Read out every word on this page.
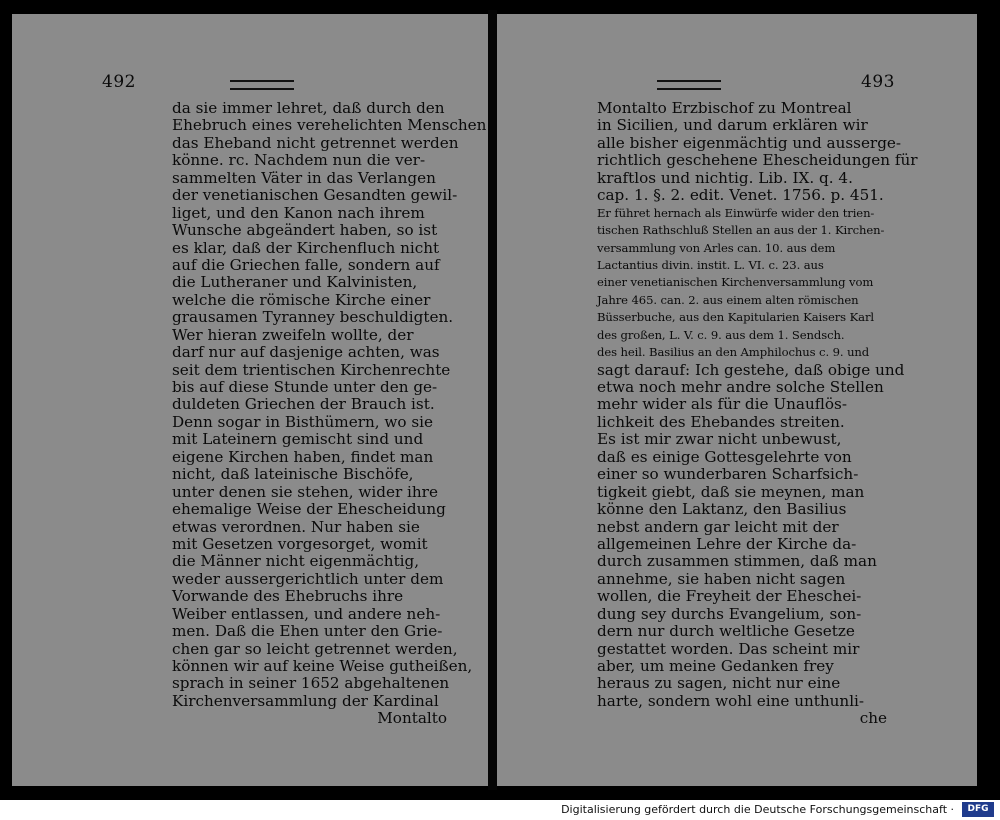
492
da sie immer lehret, daß durch den
Ehebruch eines verehelichten Menschen
das Eheband nicht getrennet werden
könne. rc. Nachdem nun die ver-
sammelten Väter in das Verlangen
der venetianischen Gesandten gewil-
liget, und den Kanon nach ihrem
Wunsche abgeändert haben, so ist
es klar, daß der Kirchenfluch nicht
auf die Griechen falle, sondern auf
die Lutheraner und Kalvinisten,
welche die römische Kirche einer
grausamen Tyranney beschuldigten.
Wer hieran zweifeln wollte, der
darf nur auf dasjenige achten, was
seit dem trientischen Kirchenrechte
bis auf diese Stunde unter den ge-
duldeten Griechen der Brauch ist.
Denn sogar in Bisthümern, wo sie
mit Lateinern gemischt sind und
eigene Kirchen haben, findet man
nicht, daß lateinische Bischöfe,
unter denen sie stehen, wider ihre
ehemalige Weise der Ehescheidung
etwas verordnen. Nur haben sie
mit Gesetzen vorgesorget, womit
die Männer nicht eigenmächtig,
weder aussergerichtlich unter dem
Vorwande des Ehebruchs ihre
Weiber entlassen, und andere neh-
men. Daß die Ehen unter den Grie-
chen gar so leicht getrennet werden,
können wir auf keine Weise gutheißen,
sprach in seiner 1652 abgehaltenen
Kirchenversammlung der Kardinal
Montalto
493
Montalto Erzbischof zu Montreal
in Sicilien, und darum erklären wir
alle bisher eigenmächtig und ausserge-
richtlich geschehene Ehescheidungen für
kraftlos und nichtig. Lib. IX. q. 4.
cap. 1. §. 2. edit. Venet. 1756. p. 451.
Er führet hernach als Einwürfe wider den trien-
tischen Rathschluß Stellen an aus der 1. Kirchen-
versammlung von Arles can. 10. aus dem
Lactantius divin. instit. L. VI. c. 23. aus
einer venetianischen Kirchenversammlung vom
Jahre 465. can. 2. aus einem alten römischen
Büsserbuche, aus den Kapitularien Kaisers Karl
des großen, L. V. c. 9. aus dem 1. Sendsch.
des heil. Basilius an den Amphilochus c. 9. und
sagt darauf: Ich gestehe, daß obige und
etwa noch mehr andre solche Stellen
mehr wider als für die Unauflös-
lichkeit des Ehebandes streiten.
Es ist mir zwar nicht unbewust,
daß es einige Gottesgelehrte von
einer so wunderbaren Scharfsich-
tigkeit giebt, daß sie meynen, man
könne den Laktanz, den Basilius
nebst andern gar leicht mit der
allgemeinen Lehre der Kirche da-
durch zusammen stimmen, daß man
annehme, sie haben nicht sagen
wollen, die Freyheit der Eheschei-
dung sey durchs Evangelium, son-
dern nur durch weltliche Gesetze
gestattet worden. Das scheint mir
aber, um meine Gedanken frey
heraus zu sagen, nicht nur eine
harte, sondern wohl eine unthunli-
che
Digitalisierung gefördert durch die Deutsche Forschungsgemeinschaft ·	DFG
